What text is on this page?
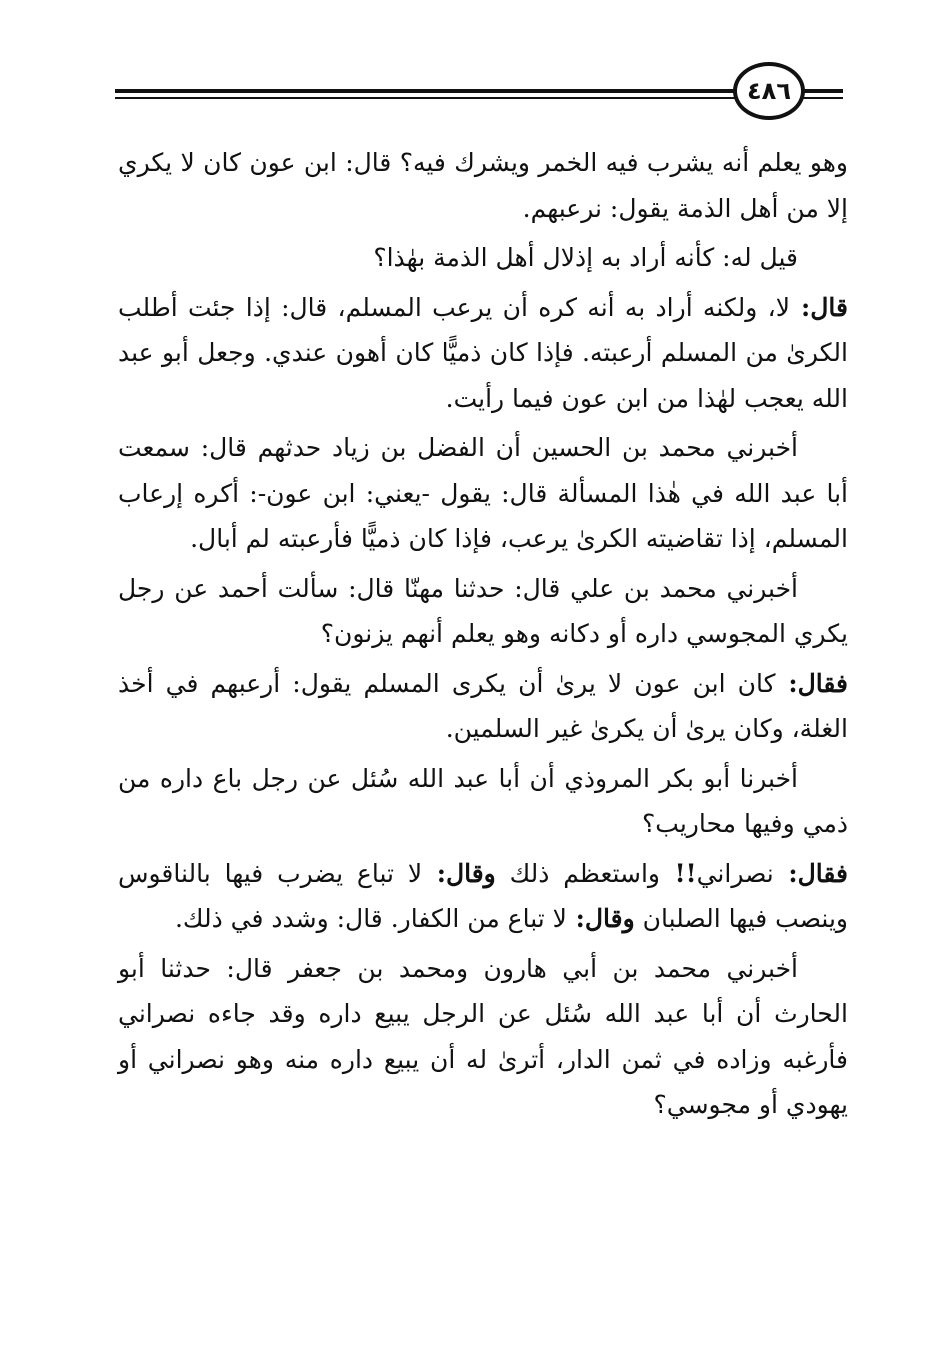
٤٨٦

وهو يعلم أنه يشرب فيه الخمر ويشرك فيه؟ قال: ابن عون كان لا يكري إلا من أهل الذمة يقول: نرعبهم.

قيل له: كأنه أراد به إذلال أهل الذمة بهٰذا؟

قال: لا، ولكنه أراد به أنه كره أن يرعب المسلم، قال: إذا جئت أطلب الكرىٰ من المسلم أرعبته. فإذا كان ذميًّا كان أهون عندي. وجعل أبو عبد الله يعجب لهٰذا من ابن عون فيما رأيت.

أخبرني محمد بن الحسين أن الفضل بن زياد حدثهم قال: سمعت أبا عبد الله في هٰذا المسألة قال: يقول -يعني: ابن عون-: أكره إرعاب المسلم، إذا تقاضيته الكرىٰ يرعب، فإذا كان ذميًّا فأرعبته لم أبال.

أخبرني محمد بن علي قال: حدثنا مهنّا قال: سألت أحمد عن رجل يكري المجوسي داره أو دكانه وهو يعلم أنهم يزنون؟

فقال: كان ابن عون لا يرىٰ أن يكرى المسلم يقول: أرعبهم في أخذ الغلة، وكان يرىٰ أن يكرىٰ غير السلمين.

أخبرنا أبو بكر المروذي أن أبا عبد الله سُئل عن رجل باع داره من ذمي وفيها محاريب؟

فقال: نصراني!! واستعظم ذلك وقال: لا تباع يضرب فيها بالناقوس وينصب فيها الصلبان وقال: لا تباع من الكفار. قال: وشدد في ذلك.

أخبرني محمد بن أبي هارون ومحمد بن جعفر قال: حدثنا أبو الحارث أن أبا عبد الله سُئل عن الرجل يبيع داره وقد جاءه نصراني فأرغبه وزاده في ثمن الدار، أترىٰ له أن يبيع داره منه وهو نصراني أو يهودي أو مجوسي؟
